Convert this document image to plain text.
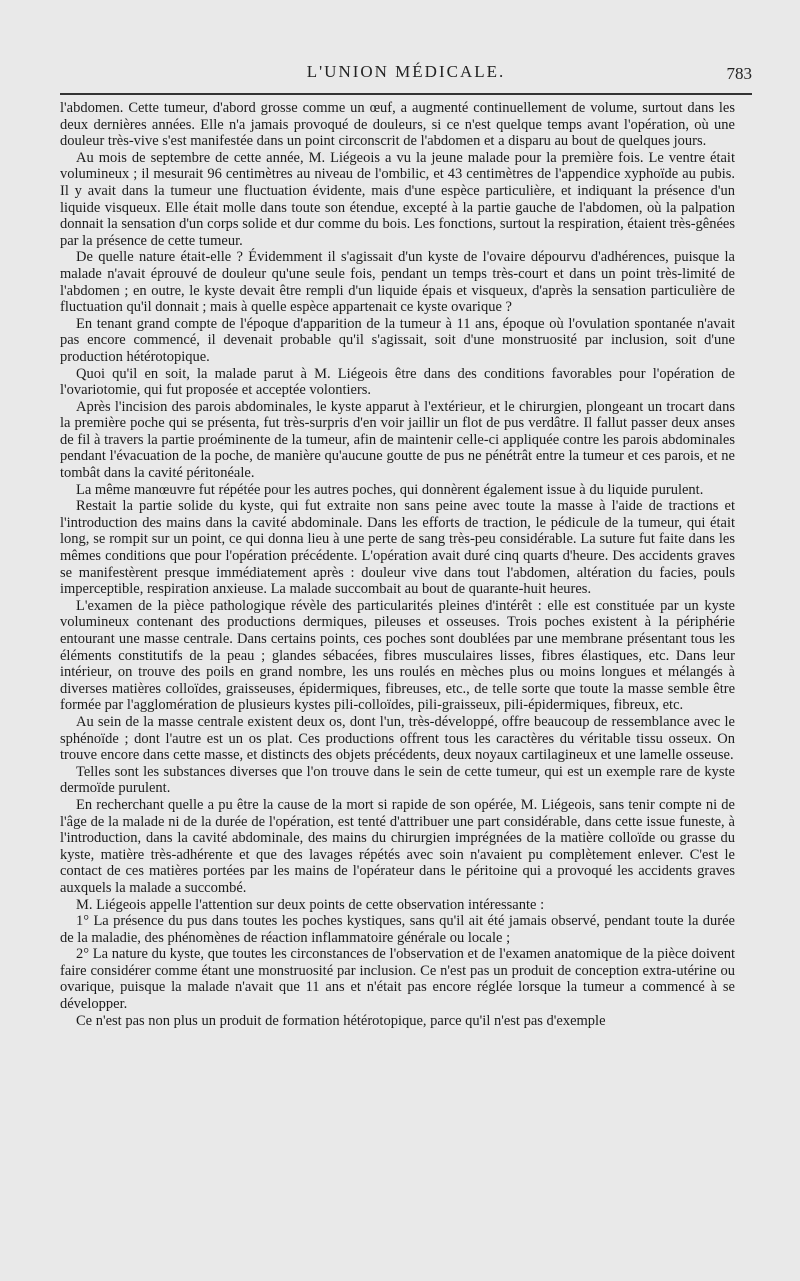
L'UNION MÉDICALE.	783

l'abdomen. Cette tumeur, d'abord grosse comme un œuf, a augmenté continuellement de volume, surtout dans les deux dernières années. Elle n'a jamais provoqué de douleurs, si ce n'est quelque temps avant l'opération, où une douleur très-vive s'est manifestée dans un point circonscrit de l'abdomen et a disparu au bout de quelques jours.

Au mois de septembre de cette année, M. Liégeois a vu la jeune malade pour la première fois. Le ventre était volumineux ; il mesurait 96 centimètres au niveau de l'ombilic, et 43 centimètres de l'appendice xyphoïde au pubis. Il y avait dans la tumeur une fluctuation évidente, mais d'une espèce particulière, et indiquant la présence d'un liquide visqueux. Elle était molle dans toute son étendue, excepté à la partie gauche de l'abdomen, où la palpation donnait la sensation d'un corps solide et dur comme du bois. Les fonctions, surtout la respiration, étaient très-gênées par la présence de cette tumeur.

De quelle nature était-elle ? Évidemment il s'agissait d'un kyste de l'ovaire dépourvu d'adhérences, puisque la malade n'avait éprouvé de douleur qu'une seule fois, pendant un temps très-court et dans un point très-limité de l'abdomen ; en outre, le kyste devait être rempli d'un liquide épais et visqueux, d'après la sensation particulière de fluctuation qu'il donnait ; mais à quelle espèce appartenait ce kyste ovarique ?

En tenant grand compte de l'époque d'apparition de la tumeur à 11 ans, époque où l'ovulation spontanée n'avait pas encore commencé, il devenait probable qu'il s'agissait, soit d'une monstruosité par inclusion, soit d'une production hétérotopique.

Quoi qu'il en soit, la malade parut à M. Liégeois être dans des conditions favorables pour l'opération de l'ovariotomie, qui fut proposée et acceptée volontiers.

Après l'incision des parois abdominales, le kyste apparut à l'extérieur, et le chirurgien, plongeant un trocart dans la première poche qui se présenta, fut très-surpris d'en voir jaillir un flot de pus verdâtre. Il fallut passer deux anses de fil à travers la partie proéminente de la tumeur, afin de maintenir celle-ci appliquée contre les parois abdominales pendant l'évacuation de la poche, de manière qu'aucune goutte de pus ne pénétrât entre la tumeur et ces parois, et ne tombât dans la cavité péritonéale.

La même manœuvre fut répétée pour les autres poches, qui donnèrent également issue à du liquide purulent.

Restait la partie solide du kyste, qui fut extraite non sans peine avec toute la masse à l'aide de tractions et l'introduction des mains dans la cavité abdominale. Dans les efforts de traction, le pédicule de la tumeur, qui était long, se rompit sur un point, ce qui donna lieu à une perte de sang très-peu considérable. La suture fut faite dans les mêmes conditions que pour l'opération précédente. L'opération avait duré cinq quarts d'heure. Des accidents graves se manifestèrent presque immédiatement après : douleur vive dans tout l'abdomen, altération du facies, pouls imperceptible, respiration anxieuse. La malade succombait au bout de quarante-huit heures.

L'examen de la pièce pathologique révèle des particularités pleines d'intérêt : elle est constituée par un kyste volumineux contenant des productions dermiques, pileuses et osseuses. Trois poches existent à la périphérie entourant une masse centrale. Dans certains points, ces poches sont doublées par une membrane présentant tous les éléments constitutifs de la peau ; glandes sébacées, fibres musculaires lisses, fibres élastiques, etc. Dans leur intérieur, on trouve des poils en grand nombre, les uns roulés en mèches plus ou moins longues et mélangés à diverses matières colloïdes, graisseuses, épidermiques, fibreuses, etc., de telle sorte que toute la masse semble être formée par l'agglomération de plusieurs kystes pili-colloïdes, pili-graisseux, pili-épidermiques, fibreux, etc.

Au sein de la masse centrale existent deux os, dont l'un, très-développé, offre beaucoup de ressemblance avec le sphénoïde ; dont l'autre est un os plat. Ces productions offrent tous les caractères du véritable tissu osseux. On trouve encore dans cette masse, et distincts des objets précédents, deux noyaux cartilagineux et une lamelle osseuse.

Telles sont les substances diverses que l'on trouve dans le sein de cette tumeur, qui est un exemple rare de kyste dermoïde purulent.

En recherchant quelle a pu être la cause de la mort si rapide de son opérée, M. Liégeois, sans tenir compte ni de l'âge de la malade ni de la durée de l'opération, est tenté d'attribuer une part considérable, dans cette issue funeste, à l'introduction, dans la cavité abdominale, des mains du chirurgien imprégnées de la matière colloïde ou grasse du kyste, matière très-adhérente et que des lavages répétés avec soin n'avaient pu complètement enlever. C'est le contact de ces matières portées par les mains de l'opérateur dans le péritoine qui a provoqué les accidents graves auxquels la malade a succombé.

M. Liégeois appelle l'attention sur deux points de cette observation intéressante :

1° La présence du pus dans toutes les poches kystiques, sans qu'il ait été jamais observé, pendant toute la durée de la maladie, des phénomènes de réaction inflammatoire générale ou locale ;

2° La nature du kyste, que toutes les circonstances de l'observation et de l'examen anatomique de la pièce doivent faire considérer comme étant une monstruosité par inclusion. Ce n'est pas un produit de conception extra-utérine ou ovarique, puisque la malade n'avait que 11 ans et n'était pas encore réglée lorsque la tumeur a commencé à se développer.

Ce n'est pas non plus un produit de formation hétérotopique, parce qu'il n'est pas d'exemple
